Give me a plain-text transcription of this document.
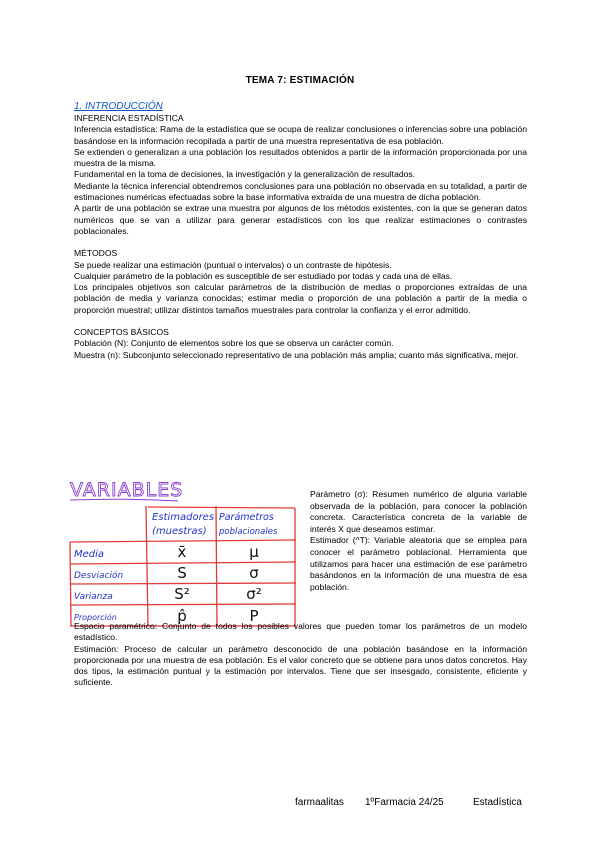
TEMA 7: ESTIMACIÓN

1. INTRODUCCIÓN

INFERENCIA ESTADÍSTICA

Inferencia estadística: Rama de la estadística que se ocupa de realizar conclusiones o inferencias sobre una población basándose en la información recopilada a partir de una muestra representativa de esa población.

Se extienden o generalizan a una población los resultados obtenidos a partir de la información proporcionada por una muestra de la misma.

Fundamental en la toma de decisiones, la investigación y la generalización de resultados.

Mediante la técnica inferencial obtendremos conclusiones para una población no observada en su totalidad, a partir de estimaciones numéricas efectuadas sobre la base informativa extraída de una muestra de dicha población.

A partir de una población se extrae una muestra por algunos de los métodos existentes, con la que se generan datos numéricos que se van a utilizar para generar estadísticos con los que realizar estimaciones o contrastes poblacionales.

MÉTODOS

Se puede realizar una estimación (puntual o intervalos) o un contraste de hipótesis.

Cualquier parámetro de la población es susceptible de ser estudiado por todas y cada una de ellas.

Los principales objetivos son calcular parámetros de la distribución de medias o proporciones extraídas de una población de media y varianza conocidas; estimar media o proporción de una población a partir de la media o proporción muestral; utilizar distintos tamaños muestrales para controlar la confianza y el error admitido.

CONCEPTOS BÁSICOS

Población (N): Conjunto de elementos sobre los que se observa un carácter común.

Muestra (n): Subconjunto seleccionado representativo de una población más amplia; cuanto más significativa, mejor.

VARIABLES
Estimadores
(muestras)
Parámetros
poblacionales
Media
Desviación
Varianza
Proporción
x̄
S
S²
p̂
μ
σ
σ²
P

Parámetro (σ): Resumen numérico de alguna variable observada de la población, para conocer la población concreta. Característica concreta de la variable de interés X que deseamos estimar.

Estimador (^T): Variable aleatoria que se emplea para conocer el parámetro poblacional. Herramienta que utilizamos para hacer una estimación de ese parámetro basándonos en la información de una muestra de esa población.

Espacio paramétrico: Conjunto de todos los posibles valores que pueden tomar los parámetros de un modelo estadístico.

Estimación: Proceso de calcular un parámetro desconocido de una población basándose en la información proporcionada por una muestra de esa población. Es el valor concreto que se obtiene para unos datos concretos. Hay dos tipos, la estimación puntual y la estimación por intervalos. Tiene que ser insesgado, consistente, eficiente y suficiente.

farmaalitas 1ºFarmacia 24/25	Estadística
